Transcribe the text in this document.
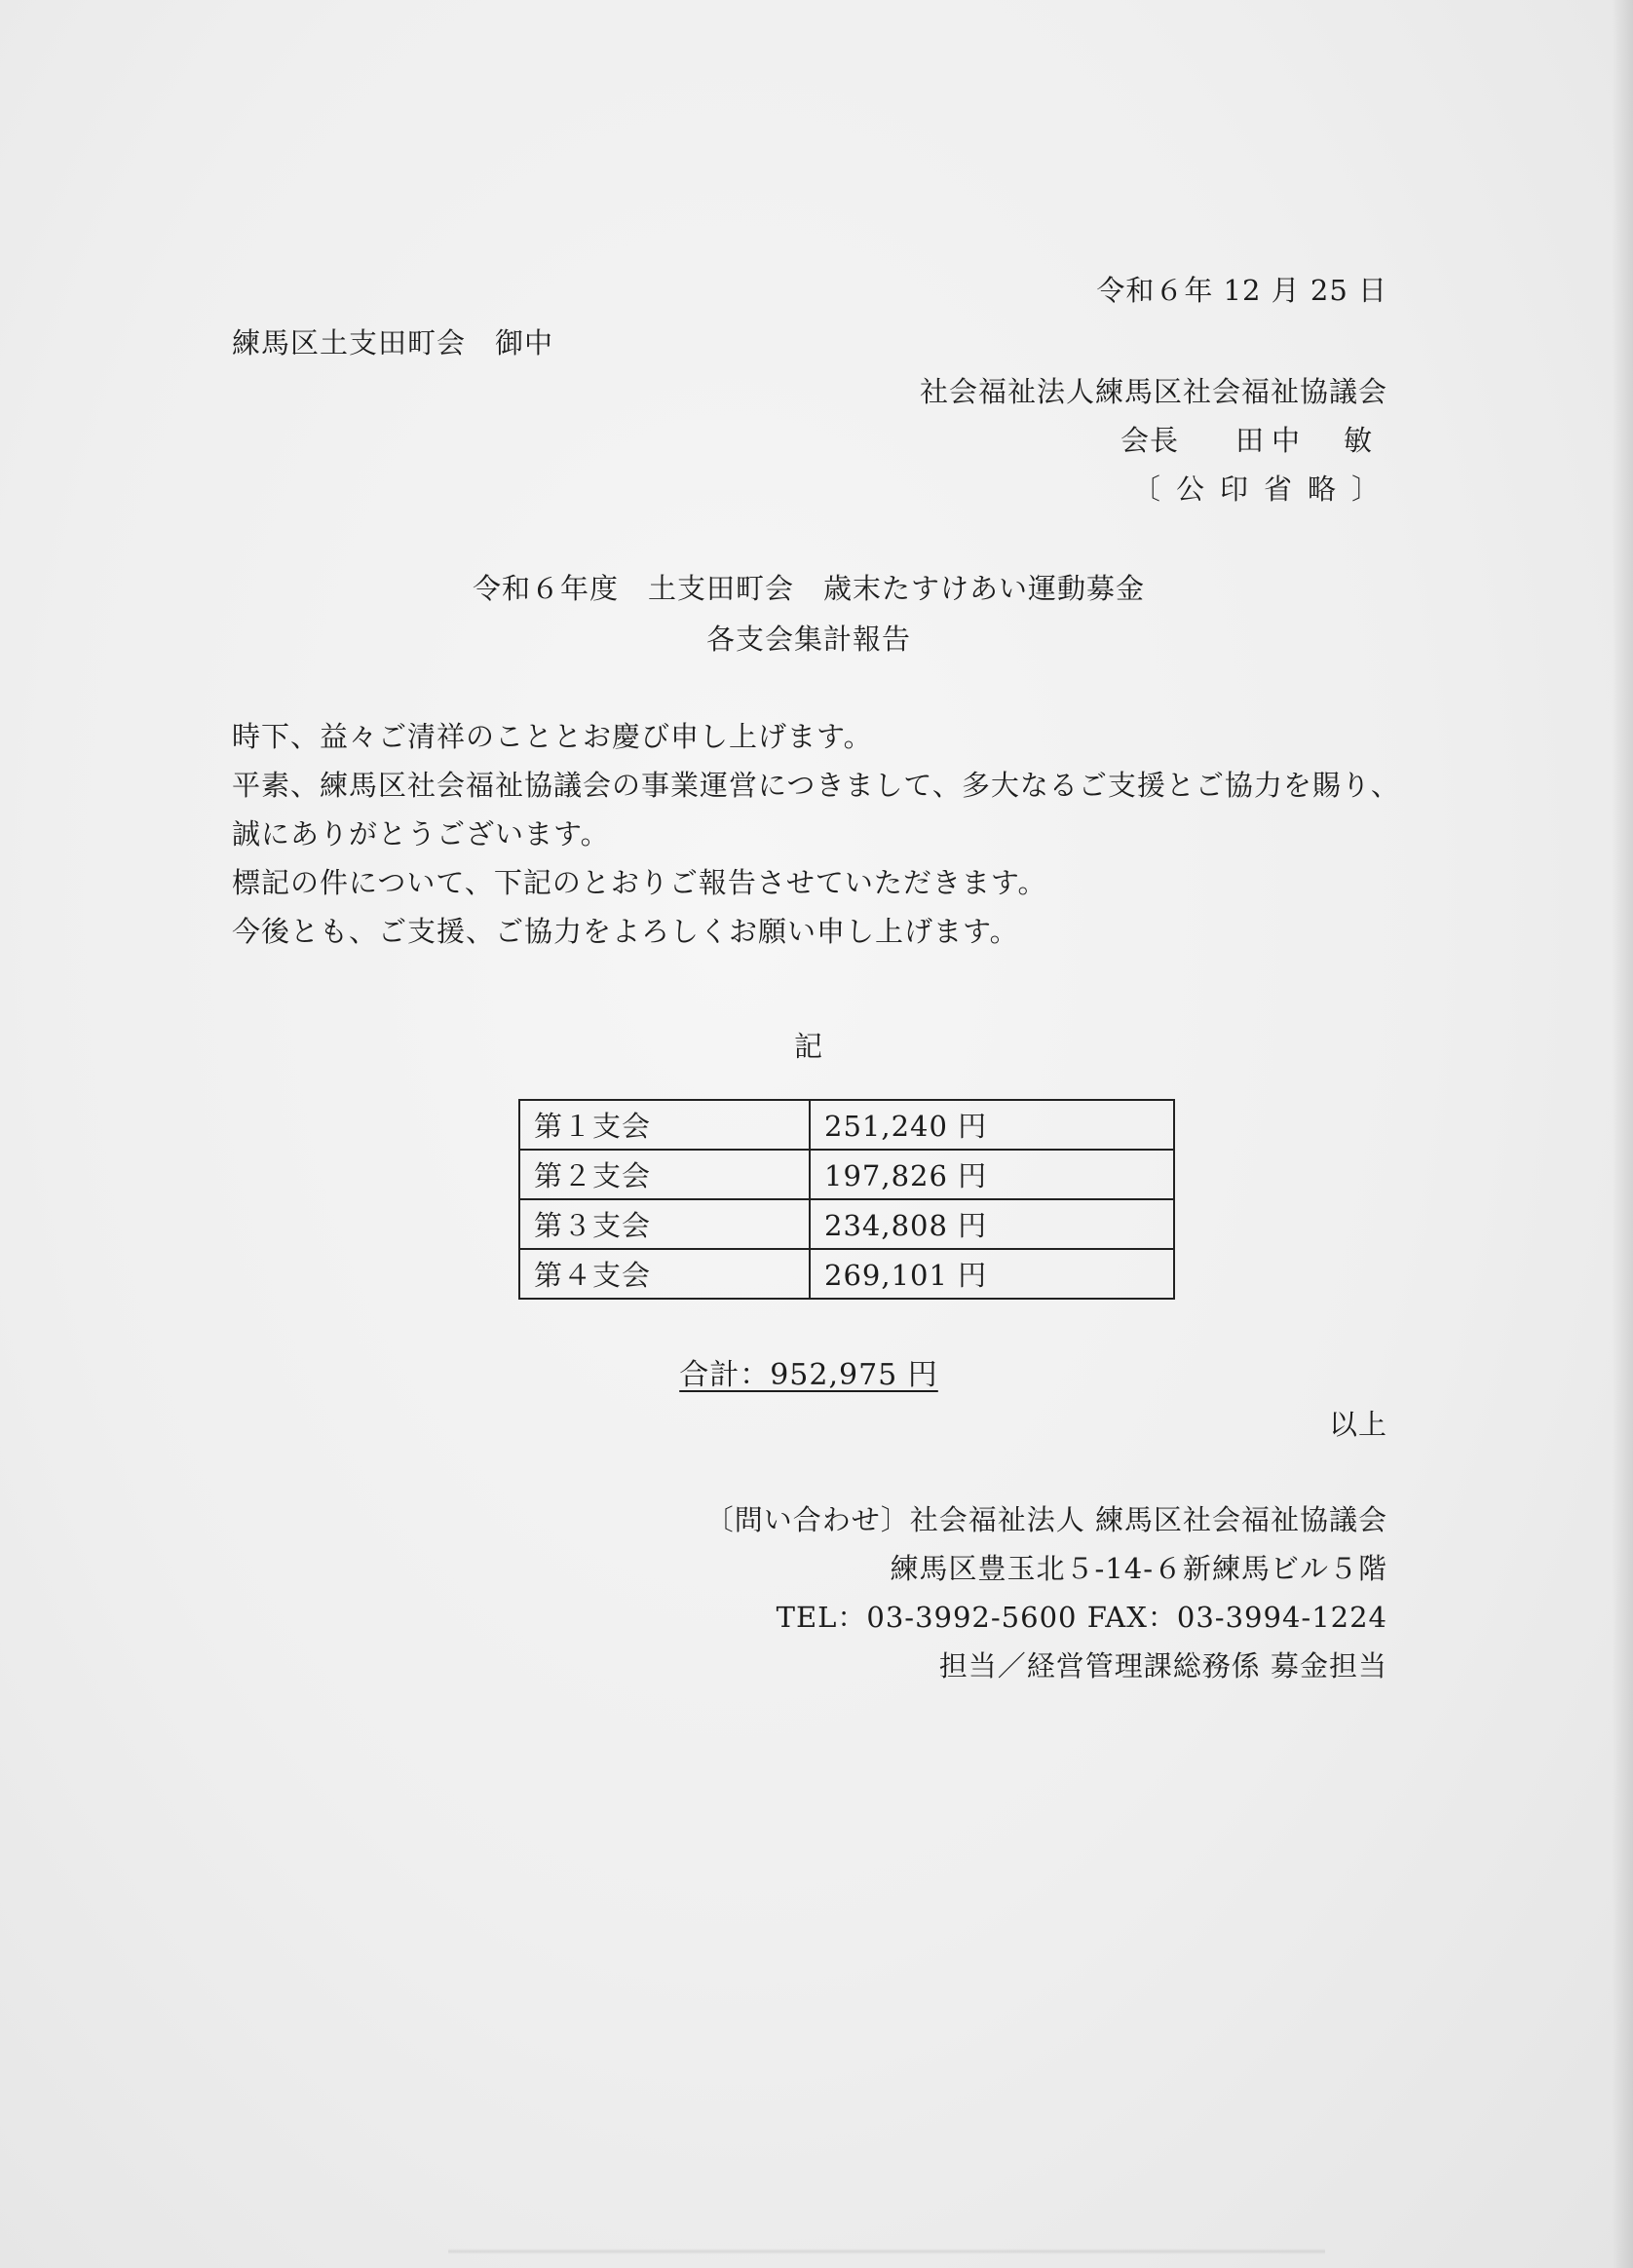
令和６年 12 月 25 日
練馬区土支田町会　御中
社会福祉法人練馬区社会福祉協議会
会長 田中　敏
〔公印省略〕
令和６年度　土支田町会　歳末たすけあい運動募金
各支会集計報告
時下、益々ご清祥のこととお慶び申し上げます。
平素、練馬区社会福祉協議会の事業運営につきまして、多大なるご支援とご協力を賜り、
誠にありがとうございます。
標記の件について、下記のとおりご報告させていただきます。
今後とも、ご支援、ご協力をよろしくお願い申し上げます。
記
第１支会	251,240 円
第２支会	197,826 円
第３支会	234,808 円
第４支会	269,101 円
合計：952,975 円
以上
〔問い合わせ〕社会福祉法人 練馬区社会福祉協議会
練馬区豊玉北５-14-６新練馬ビル５階
TEL：03-3992-5600 FAX：03-3994-1224
担当／経営管理課総務係 募金担当
